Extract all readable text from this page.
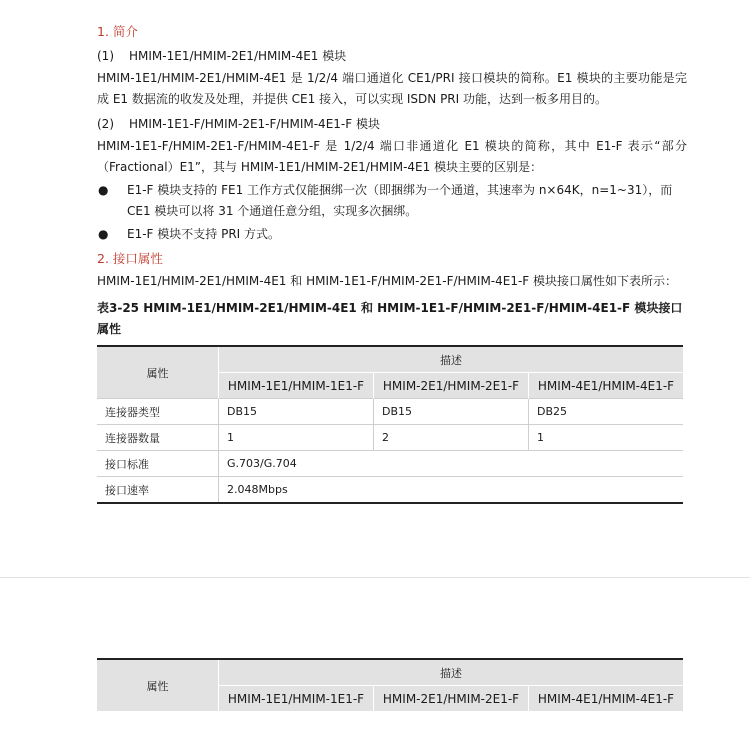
1. 简介

(1) HMIM-1E1/HMIM-2E1/HMIM-4E1 模块

HMIM-1E1/HMIM-2E1/HMIM-4E1 是 1/2/4 端口通道化 CE1/PRI 接口模块的简称。E1 模块的主要功能是完成 E1 数据流的收发及处理，并提供 CE1 接入，可以实现 ISDN PRI 功能，达到一板多用目的。

(2) HMIM-1E1-F/HMIM-2E1-F/HMIM-4E1-F 模块

HMIM-1E1-F/HMIM-2E1-F/HMIM-4E1-F 是 1/2/4 端口非通道化 E1 模块的简称，其中 E1-F 表示“部分（Fractional）E1”，其与 HMIM-1E1/HMIM-2E1/HMIM-4E1 模块主要的区别是：

● E1-F 模块支持的 FE1 工作方式仅能捆绑一次（即捆绑为一个通道，其速率为 n×64K，n=1~31），而 CE1 模块可以将 31 个通道任意分组，实现多次捆绑。
● E1-F 模块不支持 PRI 方式。

2. 接口属性

HMIM-1E1/HMIM-2E1/HMIM-4E1 和 HMIM-1E1-F/HMIM-2E1-F/HMIM-4E1-F 模块接口属性如下表所示：

表3-25 HMIM-1E1/HMIM-2E1/HMIM-4E1 和 HMIM-1E1-F/HMIM-2E1-F/HMIM-4E1-F 模块接口属性

属性	描述		
	HMIM-1E1/HMIM-1E1-F	HMIM-2E1/HMIM-2E1-F	HMIM-4E1/HMIM-4E1-F
连接器类型	DB15	DB15	DB25
连接器数量	1	2	1
接口标准	G.703/G.704		
接口速率	2.048Mbps		
属性	描述		
	HMIM-1E1/HMIM-1E1-F	HMIM-2E1/HMIM-2E1-F	HMIM-4E1/HMIM-4E1-F
